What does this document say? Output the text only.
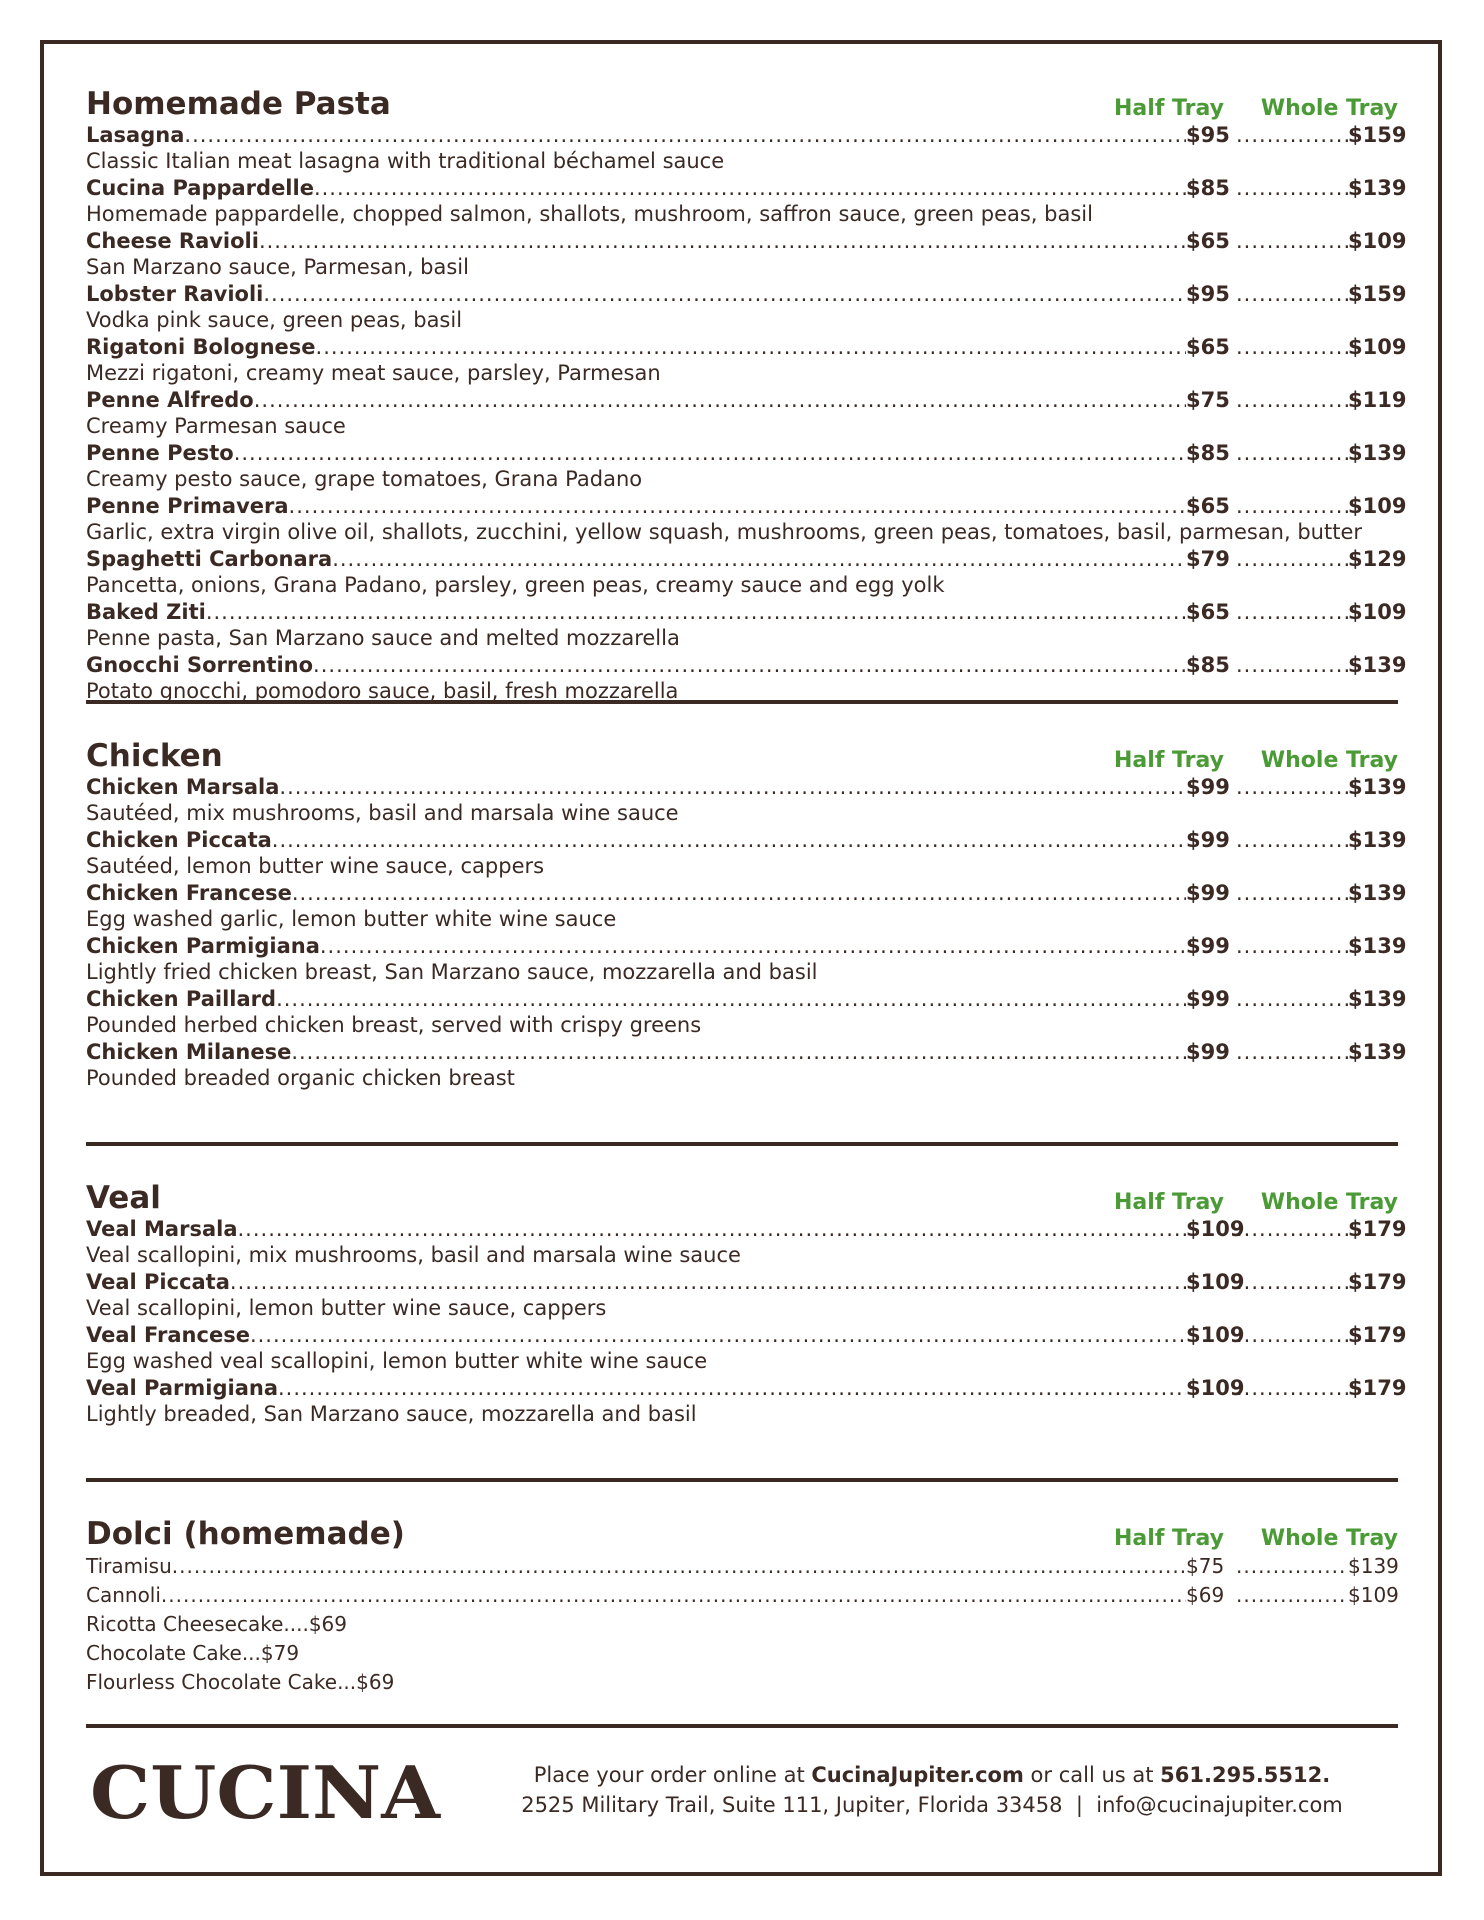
Homemade Pasta	Half Tray Whole Tray
Lasagna .....	$95 .....	$159
Classic Italian meat lasagna with traditional béchamel sauce
Cucina Pappardelle .....	$85 .....	$139
Homemade pappardelle, chopped salmon, shallots, mushroom, saffron sauce, green peas, basil
Cheese Ravioli .....	$65 .....	$109
San Marzano sauce, Parmesan, basil
Lobster Ravioli .....	$95 .....	$159
Vodka pink sauce, green peas, basil
Rigatoni Bolognese .....	$65 .....	$109
Mezzi rigatoni, creamy meat sauce, parsley, Parmesan
Penne Alfredo .....	$75 .....	$119
Creamy Parmesan sauce
Penne Pesto .....	$85 .....	$139
Creamy pesto sauce, grape tomatoes, Grana Padano
Penne Primavera .....	$65 .....	$109
Garlic, extra virgin olive oil, shallots, zucchini, yellow squash, mushrooms, green peas, tomatoes, basil, parmesan, butter
Spaghetti Carbonara .....	$79 .....	$129
Pancetta, onions, Grana Padano, parsley, green peas, creamy sauce and egg yolk
Baked Ziti .....	$65 .....	$109
Penne pasta, San Marzano sauce and melted mozzarella
Gnocchi Sorrentino .....	$85 .....	$139
Potato gnocchi, pomodoro sauce, basil, fresh mozzarella
Chicken	Half Tray Whole Tray
Chicken Marsala .....	$99 .....	$139
Sautéed, mix mushrooms, basil and marsala wine sauce
Chicken Piccata .....	$99 .....	$139
Sautéed, lemon butter wine sauce, cappers
Chicken Francese .....	$99 .....	$139
Egg washed garlic, lemon butter white wine sauce
Chicken Parmigiana .....	$99 .....	$139
Lightly fried chicken breast, San Marzano sauce, mozzarella and basil
Chicken Paillard .....	$99 .....	$139
Pounded herbed chicken breast, served with crispy greens
Chicken Milanese .....	$99 .....	$139
Pounded breaded organic chicken breast
Veal	Half Tray Whole Tray
Veal Marsala .....	$109 .....	$179
Veal scallopini, mix mushrooms, basil and marsala wine sauce
Veal Piccata .....	$109 .....	$179
Veal scallopini, lemon butter wine sauce, cappers
Veal Francese .....	$109 .....	$179
Egg washed veal scallopini, lemon butter white wine sauce
Veal Parmigiana .....	$109 .....	$179
Lightly breaded, San Marzano sauce, mozzarella and basil
Dolci (homemade)	Half Tray Whole Tray
Tiramisu .....	$75 .....	$139
Cannoli .....	$69 .....	$109
Ricotta Cheesecake....$69
Chocolate Cake...$79
Flourless Chocolate Cake...$69
CUCINA	Place your order online at CucinaJupiter.com or call us at 561.295.5512.
2525 Military Trail, Suite 111, Jupiter, Florida 33458  |  info@cucinajupiter.com
